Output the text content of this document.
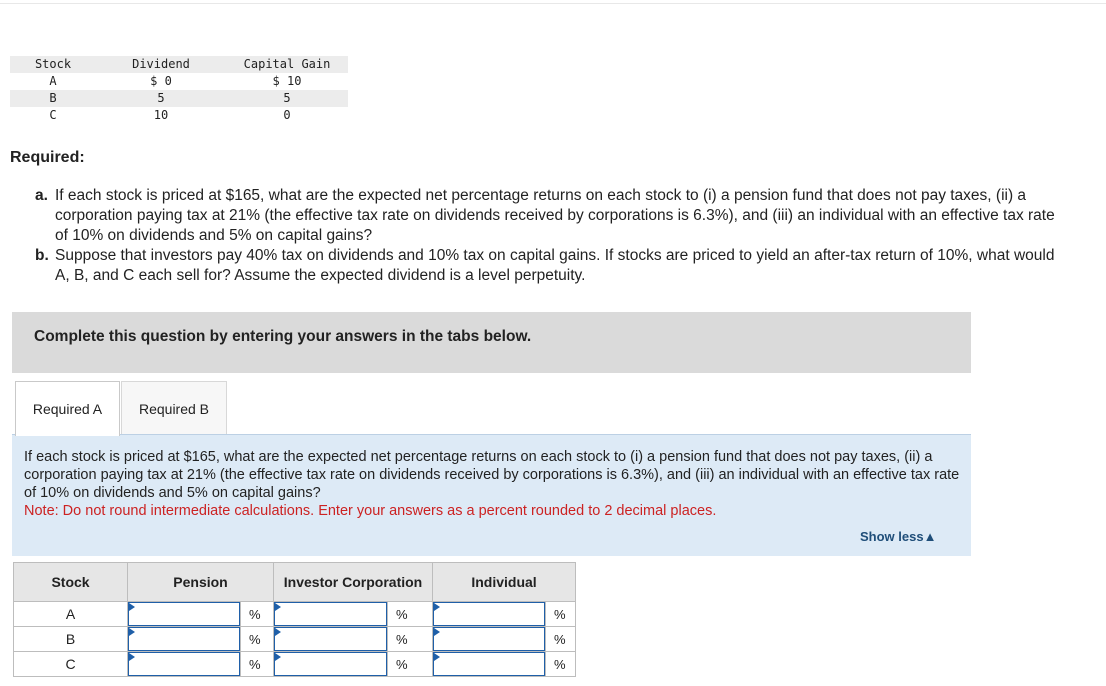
Stock	Dividend	Capital Gain
A	$ 0	$ 10
B	5	5
C	10	0
Required:
a. If each stock is priced at $165, what are the expected net percentage returns on each stock to (i) a pension fund that does not pay taxes, (ii) a corporation paying tax at 21% (the effective tax rate on dividends received by corporations is 6.3%), and (iii) an individual with an effective tax rate of 10% on dividends and 5% on capital gains?
b. Suppose that investors pay 40% tax on dividends and 10% tax on capital gains. If stocks are priced to yield an after-tax return of 10%, what would A, B, and C each sell for? Assume the expected dividend is a level perpetuity.
Complete this question by entering your answers in the tabs below.
Required A	Required B
If each stock is priced at $165, what are the expected net percentage returns on each stock to (i) a pension fund that does not pay taxes, (ii) a corporation paying tax at 21% (the effective tax rate on dividends received by corporations is 6.3%), and (iii) an individual with an effective tax rate of 10% on dividends and 5% on capital gains?
Note: Do not round intermediate calculations. Enter your answers as a percent rounded to 2 decimal places.
Show less▲
Stock	Pension		Investor Corporation		Individual	
A		%		%		%
B		%		%		%
C		%		%		%
